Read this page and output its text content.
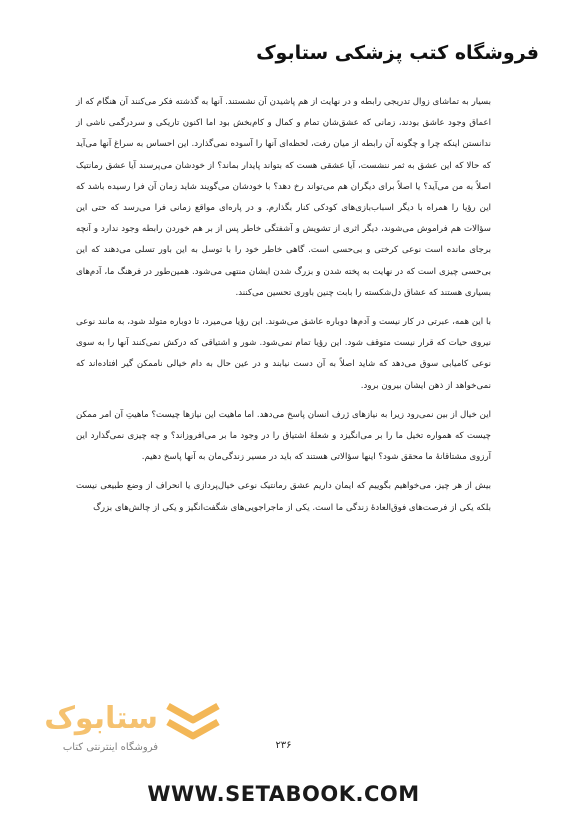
فروشگاه کتب پزشکی ستابوک

بسیار به تماشای زوال تدریجی رابطه و در نهایت از هم پاشیدن آن نشستند. آنها به گذشته فکر می‌کنند آن هنگام که از اعماق وجود عاشق بودند، زمانی که عشق‌شان تمام و کمال و کام‌بخش بود اما اکنون تاریکی و سردرگمی ناشی از ندانستن اینکه چرا و چگونه آن رابطه از میان رفت، لحظه‌ای آنها را آسوده نمی‌گذارد. این احساس به سراغ آنها می‌آید که حالا که این عشق به ثمر ننشست، آیا عشقی هست که بتواند پایدار بماند؟ از خودشان می‌پرسند آیا عشق رمانتیک اصلاً به من می‌آید؟ یا اصلاً برای دیگران هم می‌تواند رخ دهد؟ با خودشان می‌گویند شاید زمان آن فرا رسیده باشد که این رؤیا را همراه با دیگر اسباب‌بازی‌های کودکی کنار بگذارم. و در پاره‌ای مواقع زمانی فرا می‌رسد که حتی این سؤالات هم فراموش می‌شوند، دیگر اثری از تشویش و آشفتگی خاطر پس از بر هم خوردن رابطه وجود ندارد و آنچه برجای مانده است نوعی کرختی و بی‌حسی است. گاهی خاطر خود را با توسل به این باور تسلی می‌دهند که این بی‌حسی چیزی است که در نهایت به پخته شدن و بزرگ شدن ایشان منتهی می‌شود. همین‌طور در فرهنگ ما، آدم‌های بسیاری هستند که عشاق دل‌شکسته را بابت چنین باوری تحسین می‌کنند.

با این همه، عبرتی در کار نیست و آدم‌ها دوباره عاشق می‌شوند. این رؤیا می‌میرد، تا دوباره متولد شود، به مانند نوعی نیروی حیات که قرار نیست متوقف شود. این رؤیا تمام نمی‌شود. شور و اشتیاقی که درکش نمی‌کنند آنها را به سوی نوعی کامیابی سوق می‌دهد که شاید اصلاً به آن دست نیابند و در عین حال به دام خیالی ناممکن گیر افتاده‌اند که نمی‌خواهد از ذهن ایشان بیرون برود.

این خیال از بین نمی‌رود زیرا به نیازهای ژرف انسان پاسخ می‌دهد. اما ماهیت این نیازها چیست؟ ماهیتِ آن امر ممکن چیست که همواره تخیل ما را بر می‌انگیزد و شعلهٔ اشتیاق را در وجود ما بر می‌افروزاند؟ و چه چیزی نمی‌گذارد این آرزوی مشتاقانهٔ ما محقق شود؟ اینها سؤالاتی هستند که باید در مسیر زندگی‌مان به آنها پاسخ دهیم.

بیش از هر چیز، می‌خواهیم بگوییم که ایمان داریم عشق رمانتیک نوعی خیال‌پردازی یا انحراف از وضع طبیعی نیست بلکه یکی از فرصت‌های فوق‌العادهٔ زندگی ما است. یکی از ماجراجویی‌های شگفت‌انگیز و یکی از چالش‌های بزرگ

ستابوک
فروشگاه اینترنتی کتاب	۲۳۶
WWW.SETABOOK.COM
